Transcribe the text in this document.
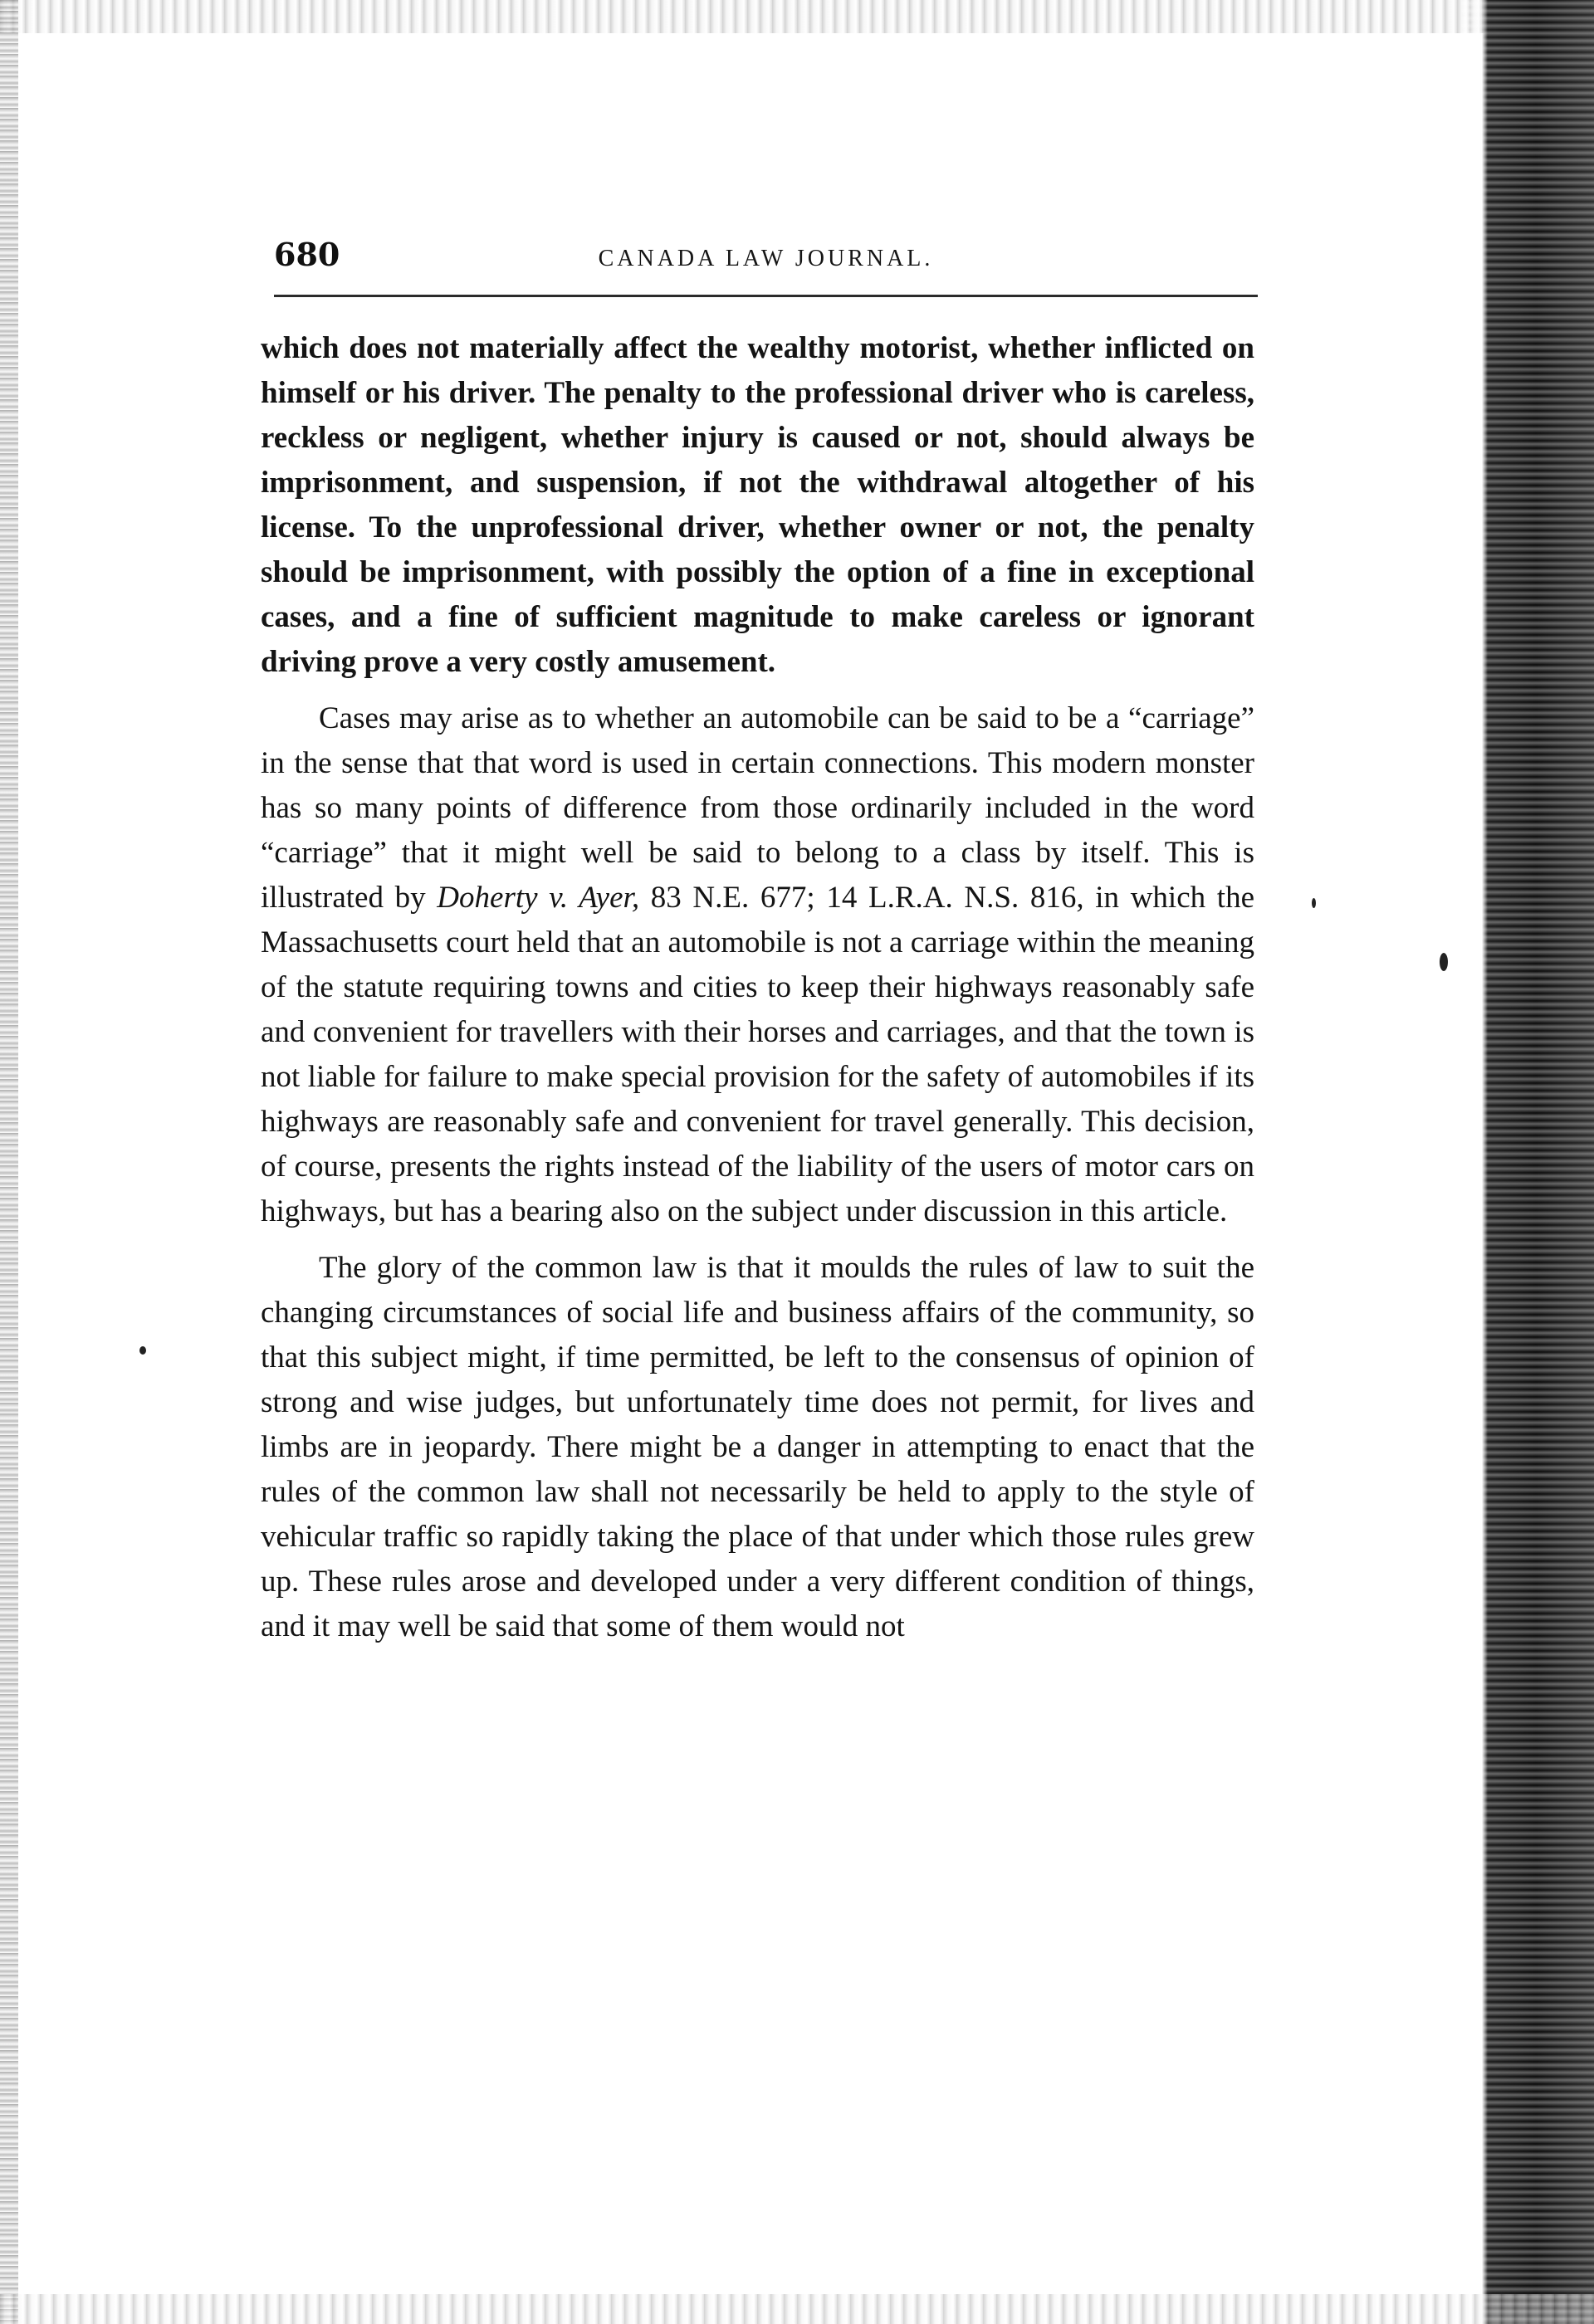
680	CANADA LAW JOURNAL.

which does not materially affect the wealthy motorist, whether inflicted on himself or his driver. The penalty to the professional driver who is careless, reckless or negligent, whether injury is caused or not, should always be imprisonment, and suspension, if not the withdrawal altogether of his license. To the unprofessional driver, whether owner or not, the penalty should be imprisonment, with possibly the option of a fine in exceptional cases, and a fine of sufficient magnitude to make careless or ignorant driving prove a very costly amusement.

Cases may arise as to whether an automobile can be said to be a “carriage” in the sense that that word is used in certain connections. This modern monster has so many points of difference from those ordinarily included in the word “carriage” that it might well be said to belong to a class by itself. This is illustrated by Doherty v. Ayer, 83 N.E. 677; 14 L.R.A. N.S. 816, in which the Massachusetts court held that an automobile is not a carriage within the meaning of the statute requiring towns and cities to keep their highways reasonably safe and convenient for travellers with their horses and carriages, and that the town is not liable for failure to make special provision for the safety of automobiles if its highways are reasonably safe and convenient for travel generally. This decision, of course, presents the rights instead of the liability of the users of motor cars on highways, but has a bearing also on the subject under discussion in this article.

The glory of the common law is that it moulds the rules of law to suit the changing circumstances of social life and business affairs of the community, so that this subject might, if time permitted, be left to the consensus of opinion of strong and wise judges, but unfortunately time does not permit, for lives and limbs are in jeopardy. There might be a danger in attempting to enact that the rules of the common law shall not necessarily be held to apply to the style of vehicular traffic so rapidly taking the place of that under which those rules grew up. These rules arose and developed under a very different condition of things, and it may well be said that some of them would not
